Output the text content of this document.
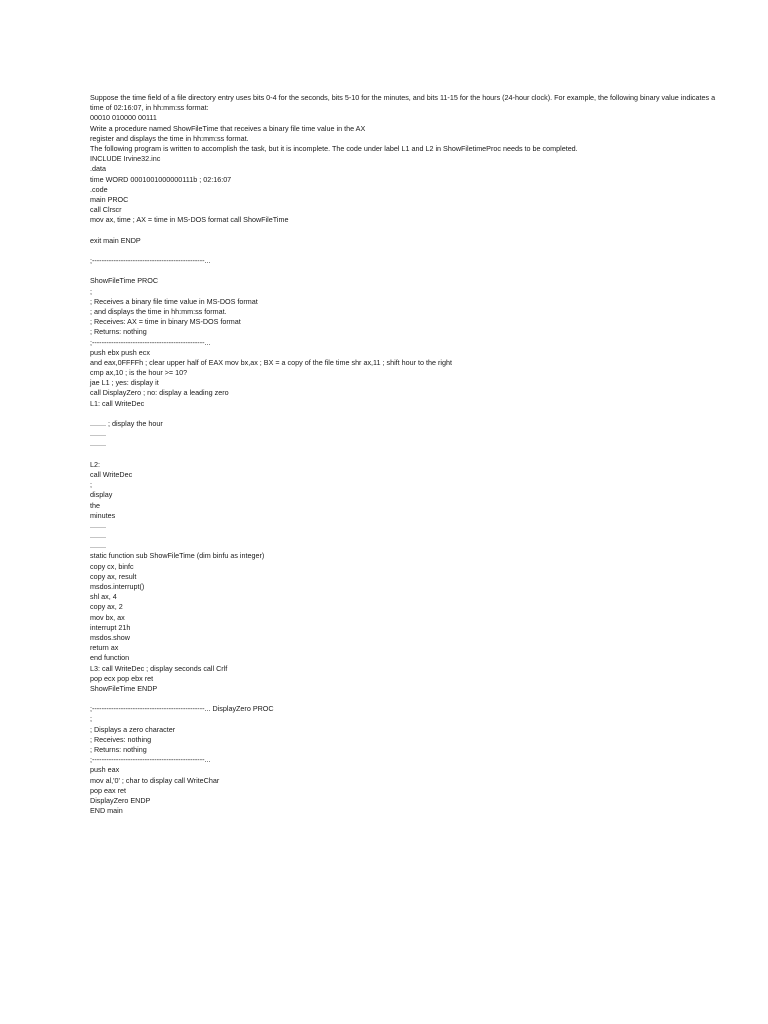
Suppose the time field of a file directory entry uses bits 0-4 for the seconds, bits 5-10 for the minutes, and bits 11-15 for the hours (24-hour clock). For example, the following binary value indicates a time of 02:16:07, in hh:mm:ss format:
00010 010000 00111
Write a procedure named ShowFileTime that receives a binary file time value in the AX
register and displays the time in hh:mm:ss format.
The following program is written to accomplish the task, but it is incomplete. The code under label L1 and L2 in ShowFiletimeProc needs to be completed.
INCLUDE Irvine32.inc
.data
time WORD 0001001000000111b ; 02:16:07
.code
main PROC
call Clrscr
mov ax, time ; AX = time in MS-DOS format call ShowFileTime
exit main ENDP
;-----------------------------------------------...
ShowFileTime PROC
;
; Receives a binary file time value in MS-DOS format
; and displays the time in hh:mm:ss format.
; Receives: AX = time in binary MS-DOS format
; Returns: nothing
;-----------------------------------------------...
push ebx push ecx
and eax,0FFFFh ; clear upper half of EAX mov bx,ax ; BX = a copy of the file time shr ax,11 ; shift hour to the right
cmp ax,10 ; is the hour >= 10?
jae L1 ; yes: display it
call DisplayZero ; no: display a leading zero
L1: call WriteDec
........ ; display the hour
........
........
L2:
call WriteDec
;
display
the
minutes
........
........
........
static function sub ShowFileTime (dim binfu as integer)
copy cx, binfc
copy ax, result
msdos.interrupt()
shl ax, 4
copy ax, 2
mov bx, ax
interrupt 21h
msdos.show
return ax
end function
L3: call WriteDec ; display seconds call Crlf
pop ecx pop ebx ret
ShowFileTime ENDP
;-----------------------------------------------... DisplayZero PROC
;
; Displays a zero character
; Receives: nothing
; Returns: nothing
;-----------------------------------------------...
push eax
mov al,'0' ; char to display call WriteChar
pop eax ret
DisplayZero ENDP
END main
